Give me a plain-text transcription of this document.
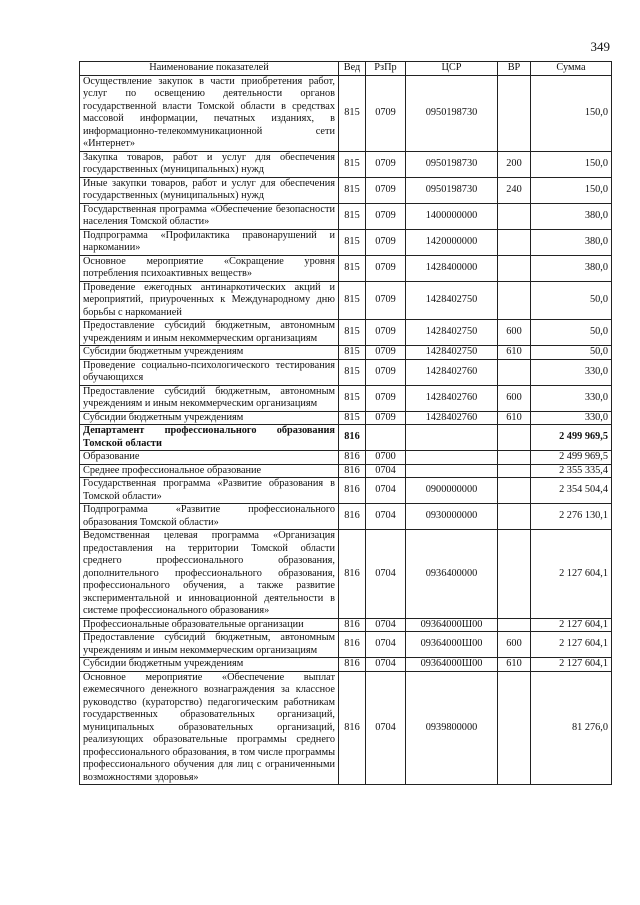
349
Наименование показателей	Вед	РзПр	ЦСР	ВР	Сумма
Осуществление закупок в части приобретения работ, услуг по освещению деятельности органов государственной власти Томской области в средствах массовой информации, печатных изданиях, в информационно-телекоммуникационной сети «Интернет»	815	0709	0950198730		150,0
Закупка товаров, работ и услуг для обеспечения государственных (муниципальных) нужд	815	0709	0950198730	200	150,0
Иные закупки товаров, работ и услуг для обеспечения государственных (муниципальных) нужд	815	0709	0950198730	240	150,0
Государственная программа «Обеспечение безопасности населения Томской области»	815	0709	1400000000		380,0
Подпрограмма «Профилактика правонарушений и наркомании»	815	0709	1420000000		380,0
Основное мероприятие «Сокращение уровня потребления психоактивных веществ»	815	0709	1428400000		380,0
Проведение ежегодных антинаркотических акций и мероприятий, приуроченных к Международному дню борьбы с наркоманией	815	0709	1428402750		50,0
Предоставление субсидий бюджетным, автономным учреждениям и иным некоммерческим организациям	815	0709	1428402750	600	50,0
Субсидии бюджетным учреждениям	815	0709	1428402750	610	50,0
Проведение социально-психологического тестирования обучающихся	815	0709	1428402760		330,0
Предоставление субсидий бюджетным, автономным учреждениям и иным некоммерческим организациям	815	0709	1428402760	600	330,0
Субсидии бюджетным учреждениям	815	0709	1428402760	610	330,0
Департамент профессионального образования Томской области	816				2 499 969,5
Образование	816	0700			2 499 969,5
Среднее профессиональное образование	816	0704			2 355 335,4
Государственная программа «Развитие образования в Томской области»	816	0704	0900000000		2 354 504,4
Подпрограмма «Развитие профессионального образования Томской области»	816	0704	0930000000		2 276 130,1
Ведомственная целевая программа «Организация предоставления на территории Томской области среднего профессионального образования, дополнительного профессионального образования, профессионального обучения, а также развитие экспериментальной и инновационной деятельности в системе профессионального образования»	816	0704	0936400000		2 127 604,1
Профессиональные образовательные организации	816	0704	09364000Ш00		2 127 604,1
Предоставление субсидий бюджетным, автономным учреждениям и иным некоммерческим организациям	816	0704	09364000Ш00	600	2 127 604,1
Субсидии бюджетным учреждениям	816	0704	09364000Ш00	610	2 127 604,1
Основное мероприятие «Обеспечение выплат ежемесячного денежного вознаграждения за классное руководство (кураторство) педагогическим работникам государственных образовательных организаций, муниципальных образовательных организаций, реализующих образовательные программы среднего профессионального образования, в том числе программы профессионального обучения для лиц с ограниченными возможностями здоровья»	816	0704	0939800000		81 276,0
